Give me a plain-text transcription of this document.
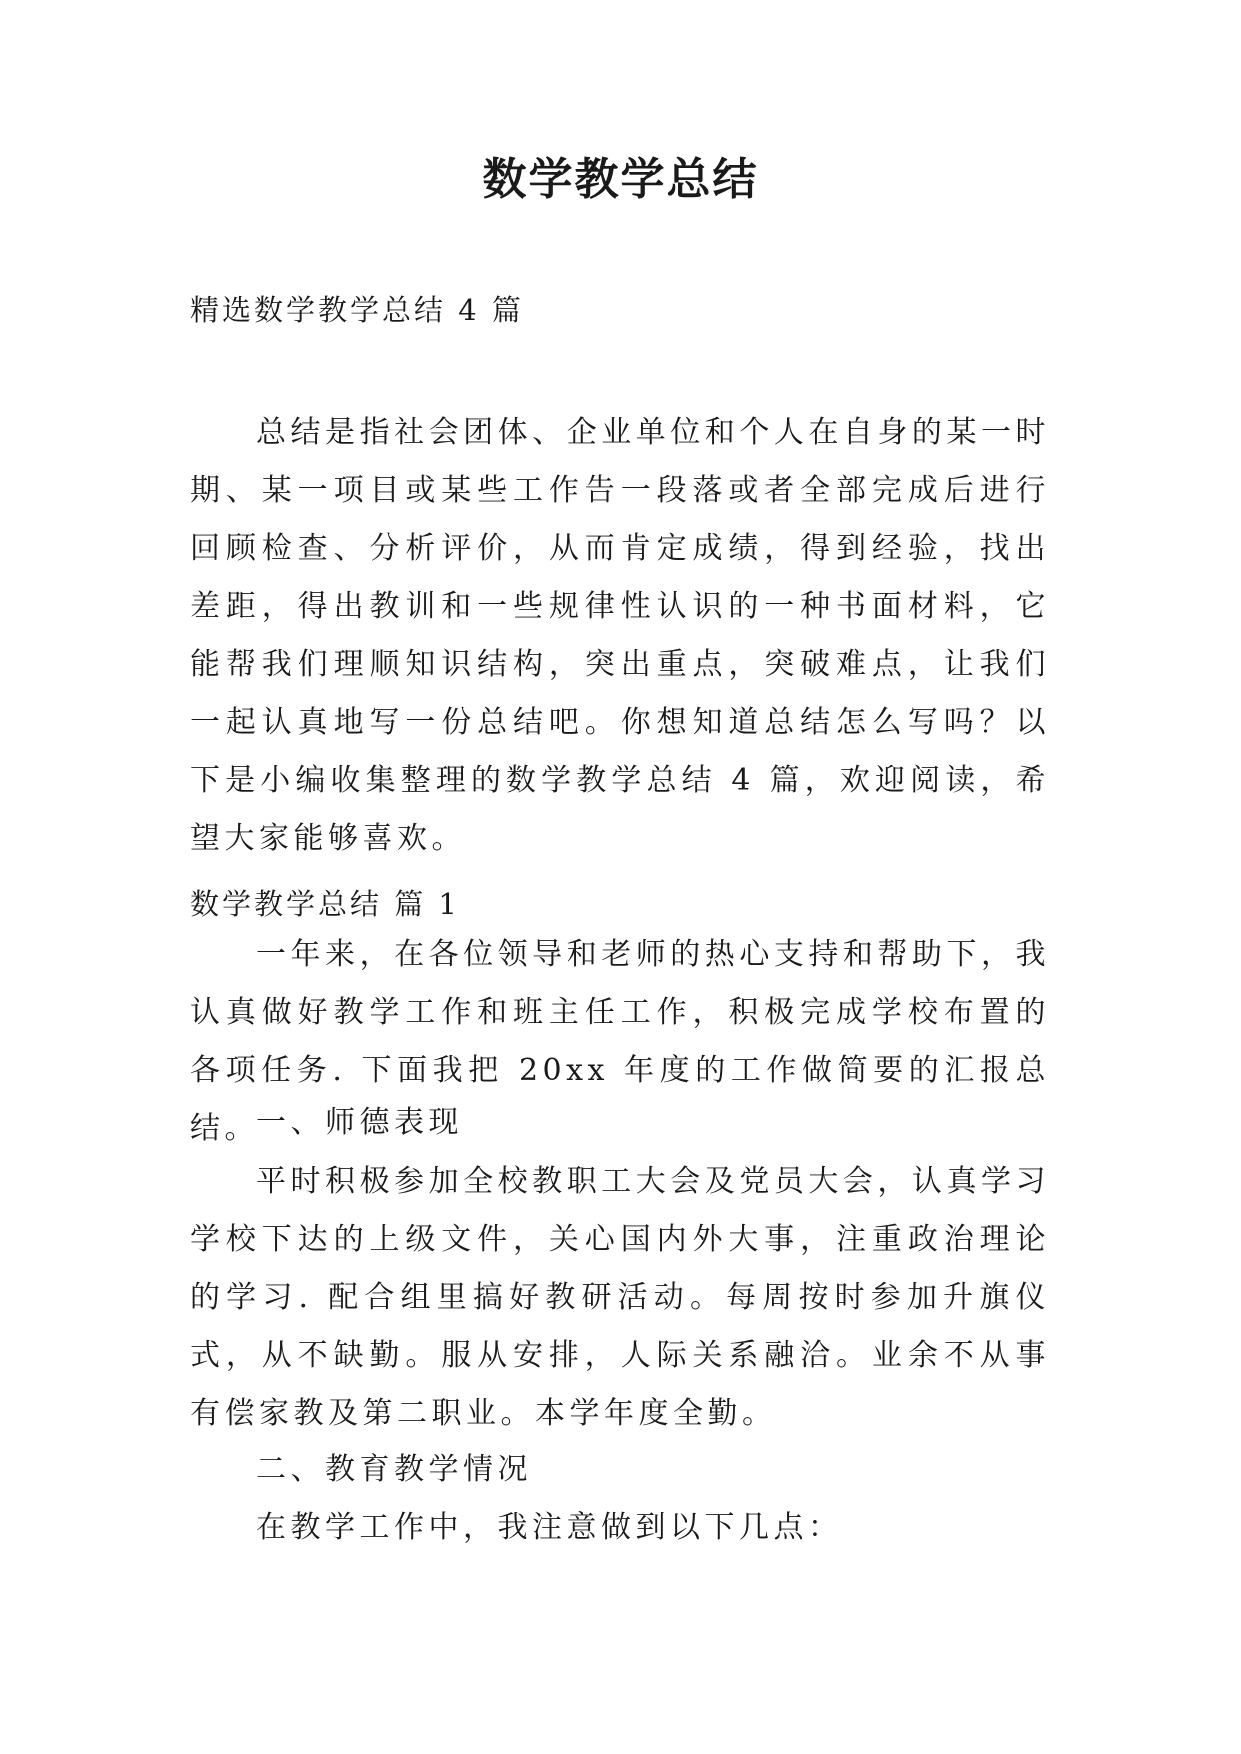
数学教学总结
精选数学教学总结 4 篇
总结是指社会团体、企业单位和个人在自身的某一时期、某一项目或某些工作告一段落或者全部完成后进行回顾检查、分析评价，从而肯定成绩，得到经验，找出差距，得出教训和一些规律性认识的一种书面材料，它能帮我们理顺知识结构，突出重点，突破难点，让我们一起认真地写一份总结吧。你想知道总结怎么写吗？以下是小编收集整理的数学教学总结 4 篇，欢迎阅读，希望大家能够喜欢。
数学教学总结 篇 1
一年来，在各位领导和老师的热心支持和帮助下，我认真做好教学工作和班主任工作，积极完成学校布置的各项任务. 下面我把 20xx 年度的工作做简要的汇报总结。
一、师德表现
平时积极参加全校教职工大会及党员大会，认真学习学校下达的上级文件，关心国内外大事，注重政治理论的学习. 配合组里搞好教研活动。每周按时参加升旗仪式，从不缺勤。服从安排，人际关系融洽。业余不从事有偿家教及第二职业。本学年度全勤。
二、教育教学情况
在教学工作中，我注意做到以下几点：
